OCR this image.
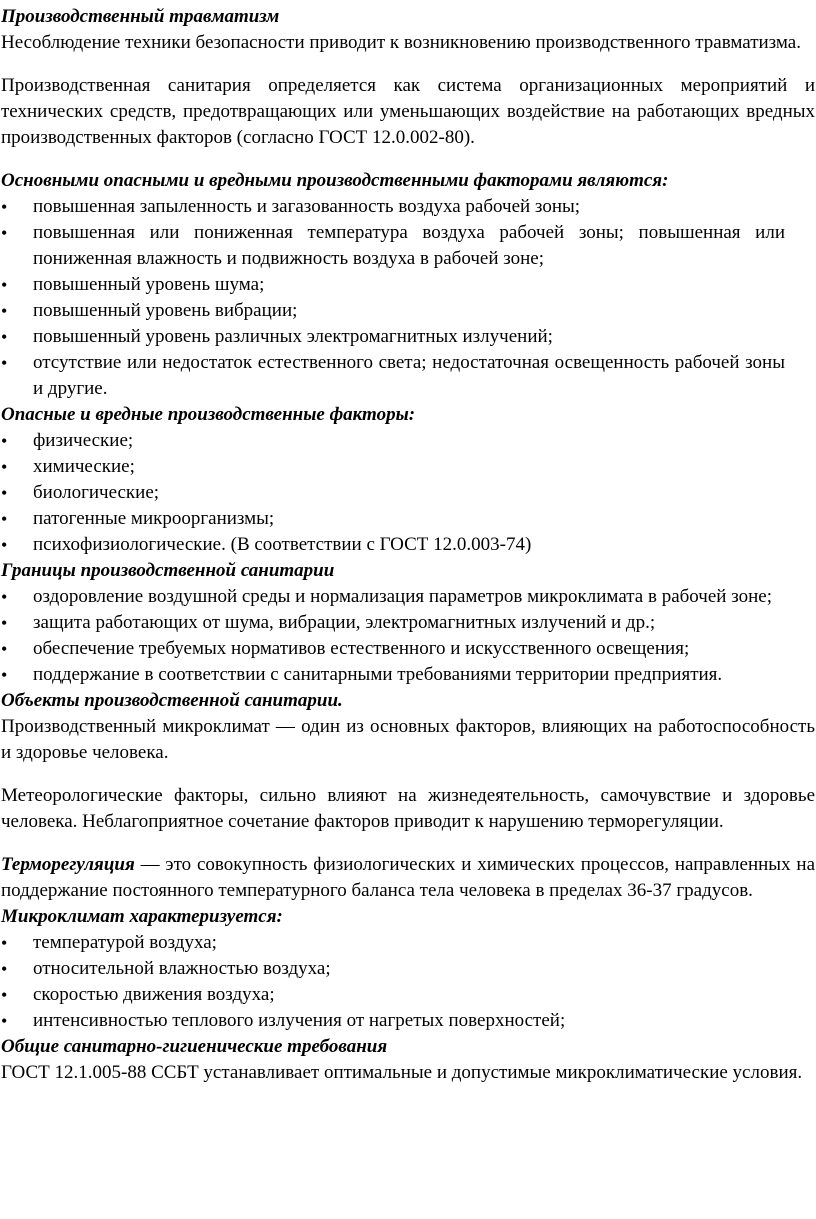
Производственный травматизм

Несоблюдение техники безопасности приводит к возникновению производственного травматизма.

Производственная санитария определяется как система организационных мероприятий и технических средств, предотвращающих или уменьшающих воздействие на работающих вредных производственных факторов (согласно ГОСТ 12.0.002-80).

Основными опасными и вредными производственными факторами являются:

• повышенная запыленность и загазованность воздуха рабочей зоны;
• повышенная или пониженная температура воздуха рабочей зоны; повышенная или пониженная влажность и подвижность воздуха в рабочей зоне;
• повышенный уровень шума;
• повышенный уровень вибрации;
• повышенный уровень различных электромагнитных излучений;
• отсутствие или недостаток естественного света; недостаточная освещенность рабочей зоны и другие.

Опасные и вредные производственные факторы:

• физические;
• химические;
• биологические;
• патогенные микроорганизмы;
• психофизиологические. (В соответствии с ГОСТ 12.0.003-74)

Границы производственной санитарии

• оздоровление воздушной среды и нормализация параметров микроклимата в рабочей зоне;
• защита работающих от шума, вибрации, электромагнитных излучений и др.;
• обеспечение требуемых нормативов естественного и искусственного освещения;
• поддержание в соответствии с санитарными требованиями территории предприятия.

Объекты производственной санитарии.

Производственный микроклимат — один из основных факторов, влияющих на работоспособность и здоровье человека.

Метеорологические факторы, сильно влияют на жизнедеятельность, самочувствие и здоровье человека. Неблагоприятное сочетание факторов приводит к нарушению терморегуляции.

Терморегуляция — это совокупность физиологических и химических процессов, направленных на поддержание постоянного температурного баланса тела человека в пределах 36-37 градусов.

Микроклимат характеризуется:

• температурой воздуха;
• относительной влажностью воздуха;
• скоростью движения воздуха;
• интенсивностью теплового излучения от нагретых поверхностей;

Общие санитарно-гигиенические требования

ГОСТ 12.1.005-88 ССБТ устанавливает оптимальные и допустимые микроклиматические условия.
